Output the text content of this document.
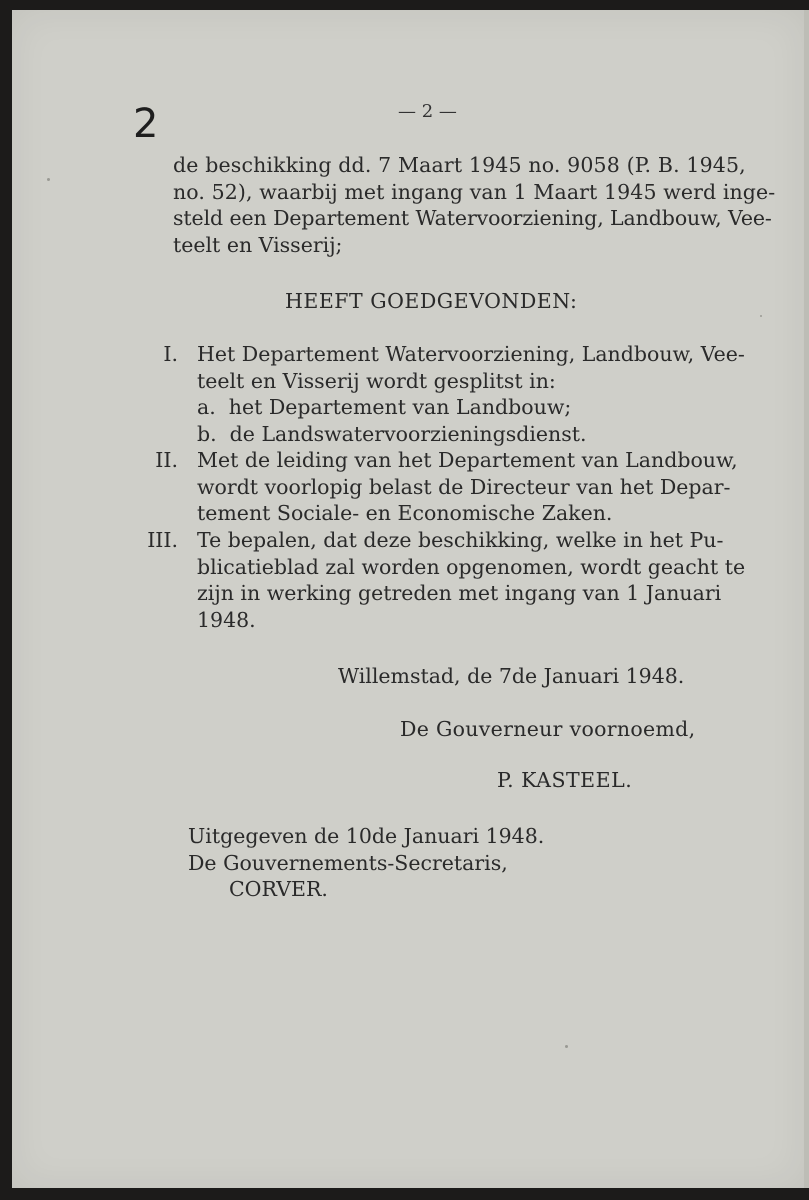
2	— 2 —
de beschikking dd. 7 Maart 1945 no. 9058 (P. B. 1945,
no. 52), waarbij met ingang van 1 Maart 1945 werd inge-
steld een Departement Watervoorziening, Landbouw, Vee-
teelt en Visserij;
HEEFT GOEDGEVONDEN:
I. Het Departement Watervoorziening, Landbouw, Vee-
teelt en Visserij wordt gesplitst in:
a.  het Departement van Landbouw;
b.  de Landswatervoorzieningsdienst.
II. Met de leiding van het Departement van Landbouw,
wordt voorlopig belast de Directeur van het Depar-
tement Sociale- en Economische Zaken.
III. Te bepalen, dat deze beschikking, welke in het Pu-
blicatieblad zal worden opgenomen, wordt geacht te
zijn in werking getreden met ingang van 1 Januari
1948.
Willemstad, de 7de Januari 1948.
De Gouverneur voornoemd,
P. KASTEEL.
Uitgegeven de 10de Januari 1948.
De Gouvernements-Secretaris,
CORVER.
